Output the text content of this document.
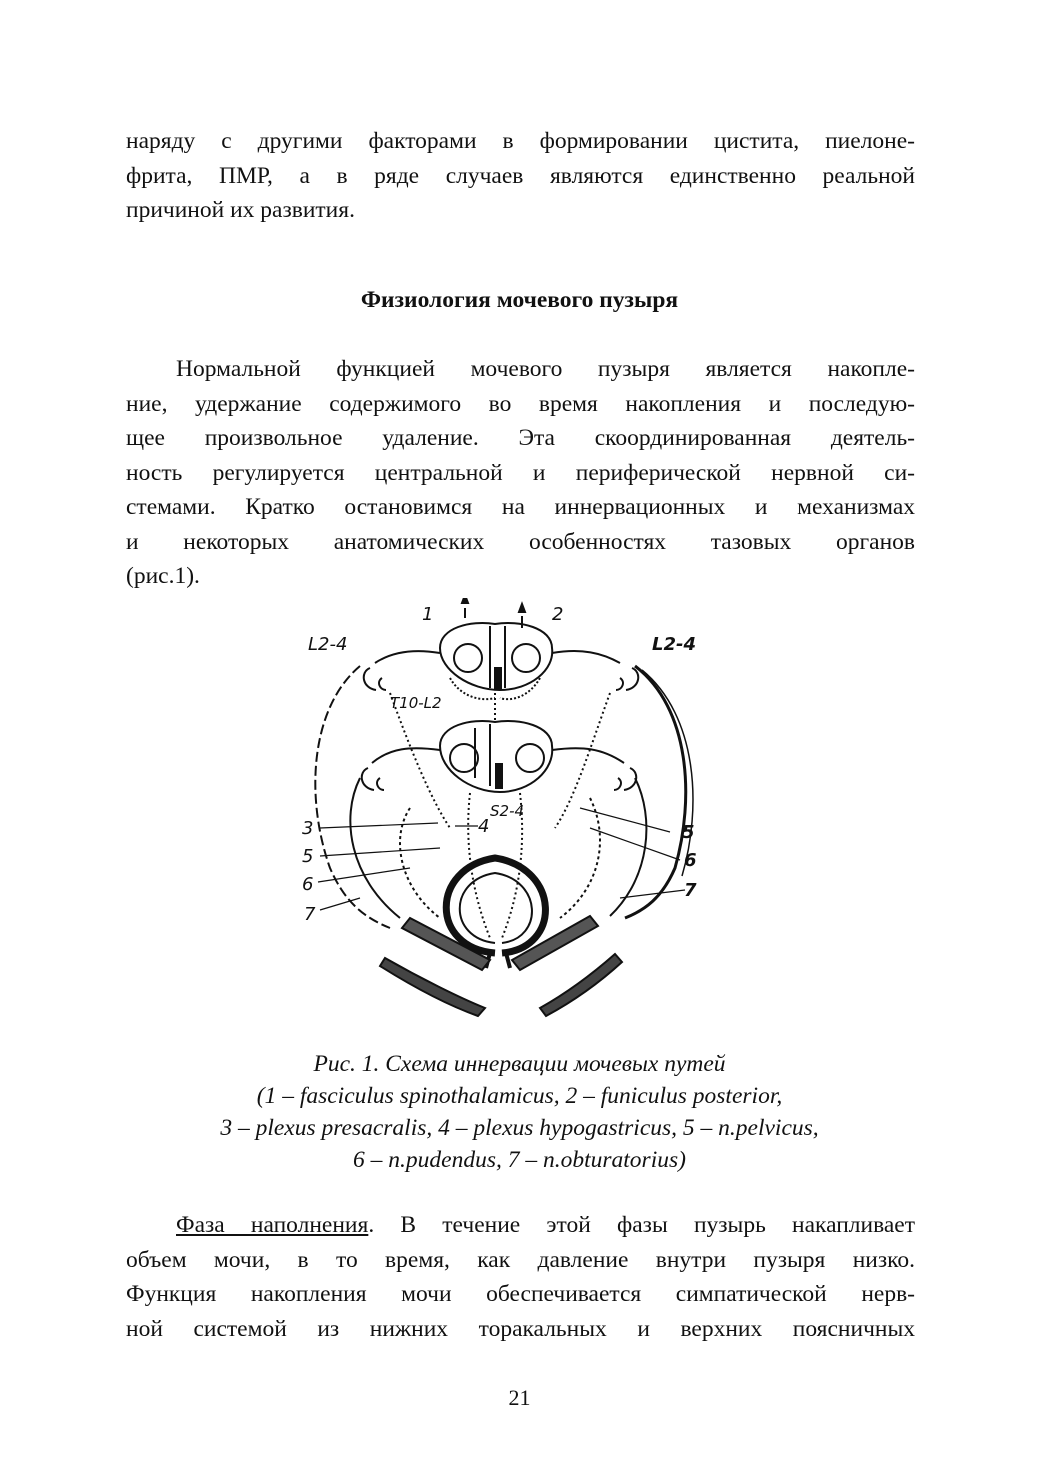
наряду с другими факторами в формировании цистита, пиелоне-
фрита, ПМР, а в ряде случаев являются единственно реальной
причиной их развития.
Физиология мочевого пузыря
Нормальной функцией мочевого пузыря является накопле-
ние, удержание содержимого во время накопления и последую-
щее произвольное удаление. Эта скоординированная деятель-
ность регулируется центральной и периферической нервной си-
стемами. Кратко остановимся на иннервационных и механизмах
и некоторых анатомических особенностях тазовых органов
(рис.1).
1	2
3	4
5
6
7
5
6
7
L2-4	L2-4
T10-L2
S2-4
Рис. 1. Схема иннервации мочевых путей
(1 – fasciculus spinothalamicus, 2 – funiculus posterior,
3 – plexus presacralis, 4 – plexus hypogastricus, 5 – n.pelvicus,
6 – n.pudendus, 7 – n.obturatorius)
Фаза наполнения. В течение этой фазы пузырь накапливает
объем мочи, в то время, как давление внутри пузыря низко.
Функция накопления мочи обеспечивается симпатической нерв-
ной системой из нижних торакальных и верхних поясничных
21
